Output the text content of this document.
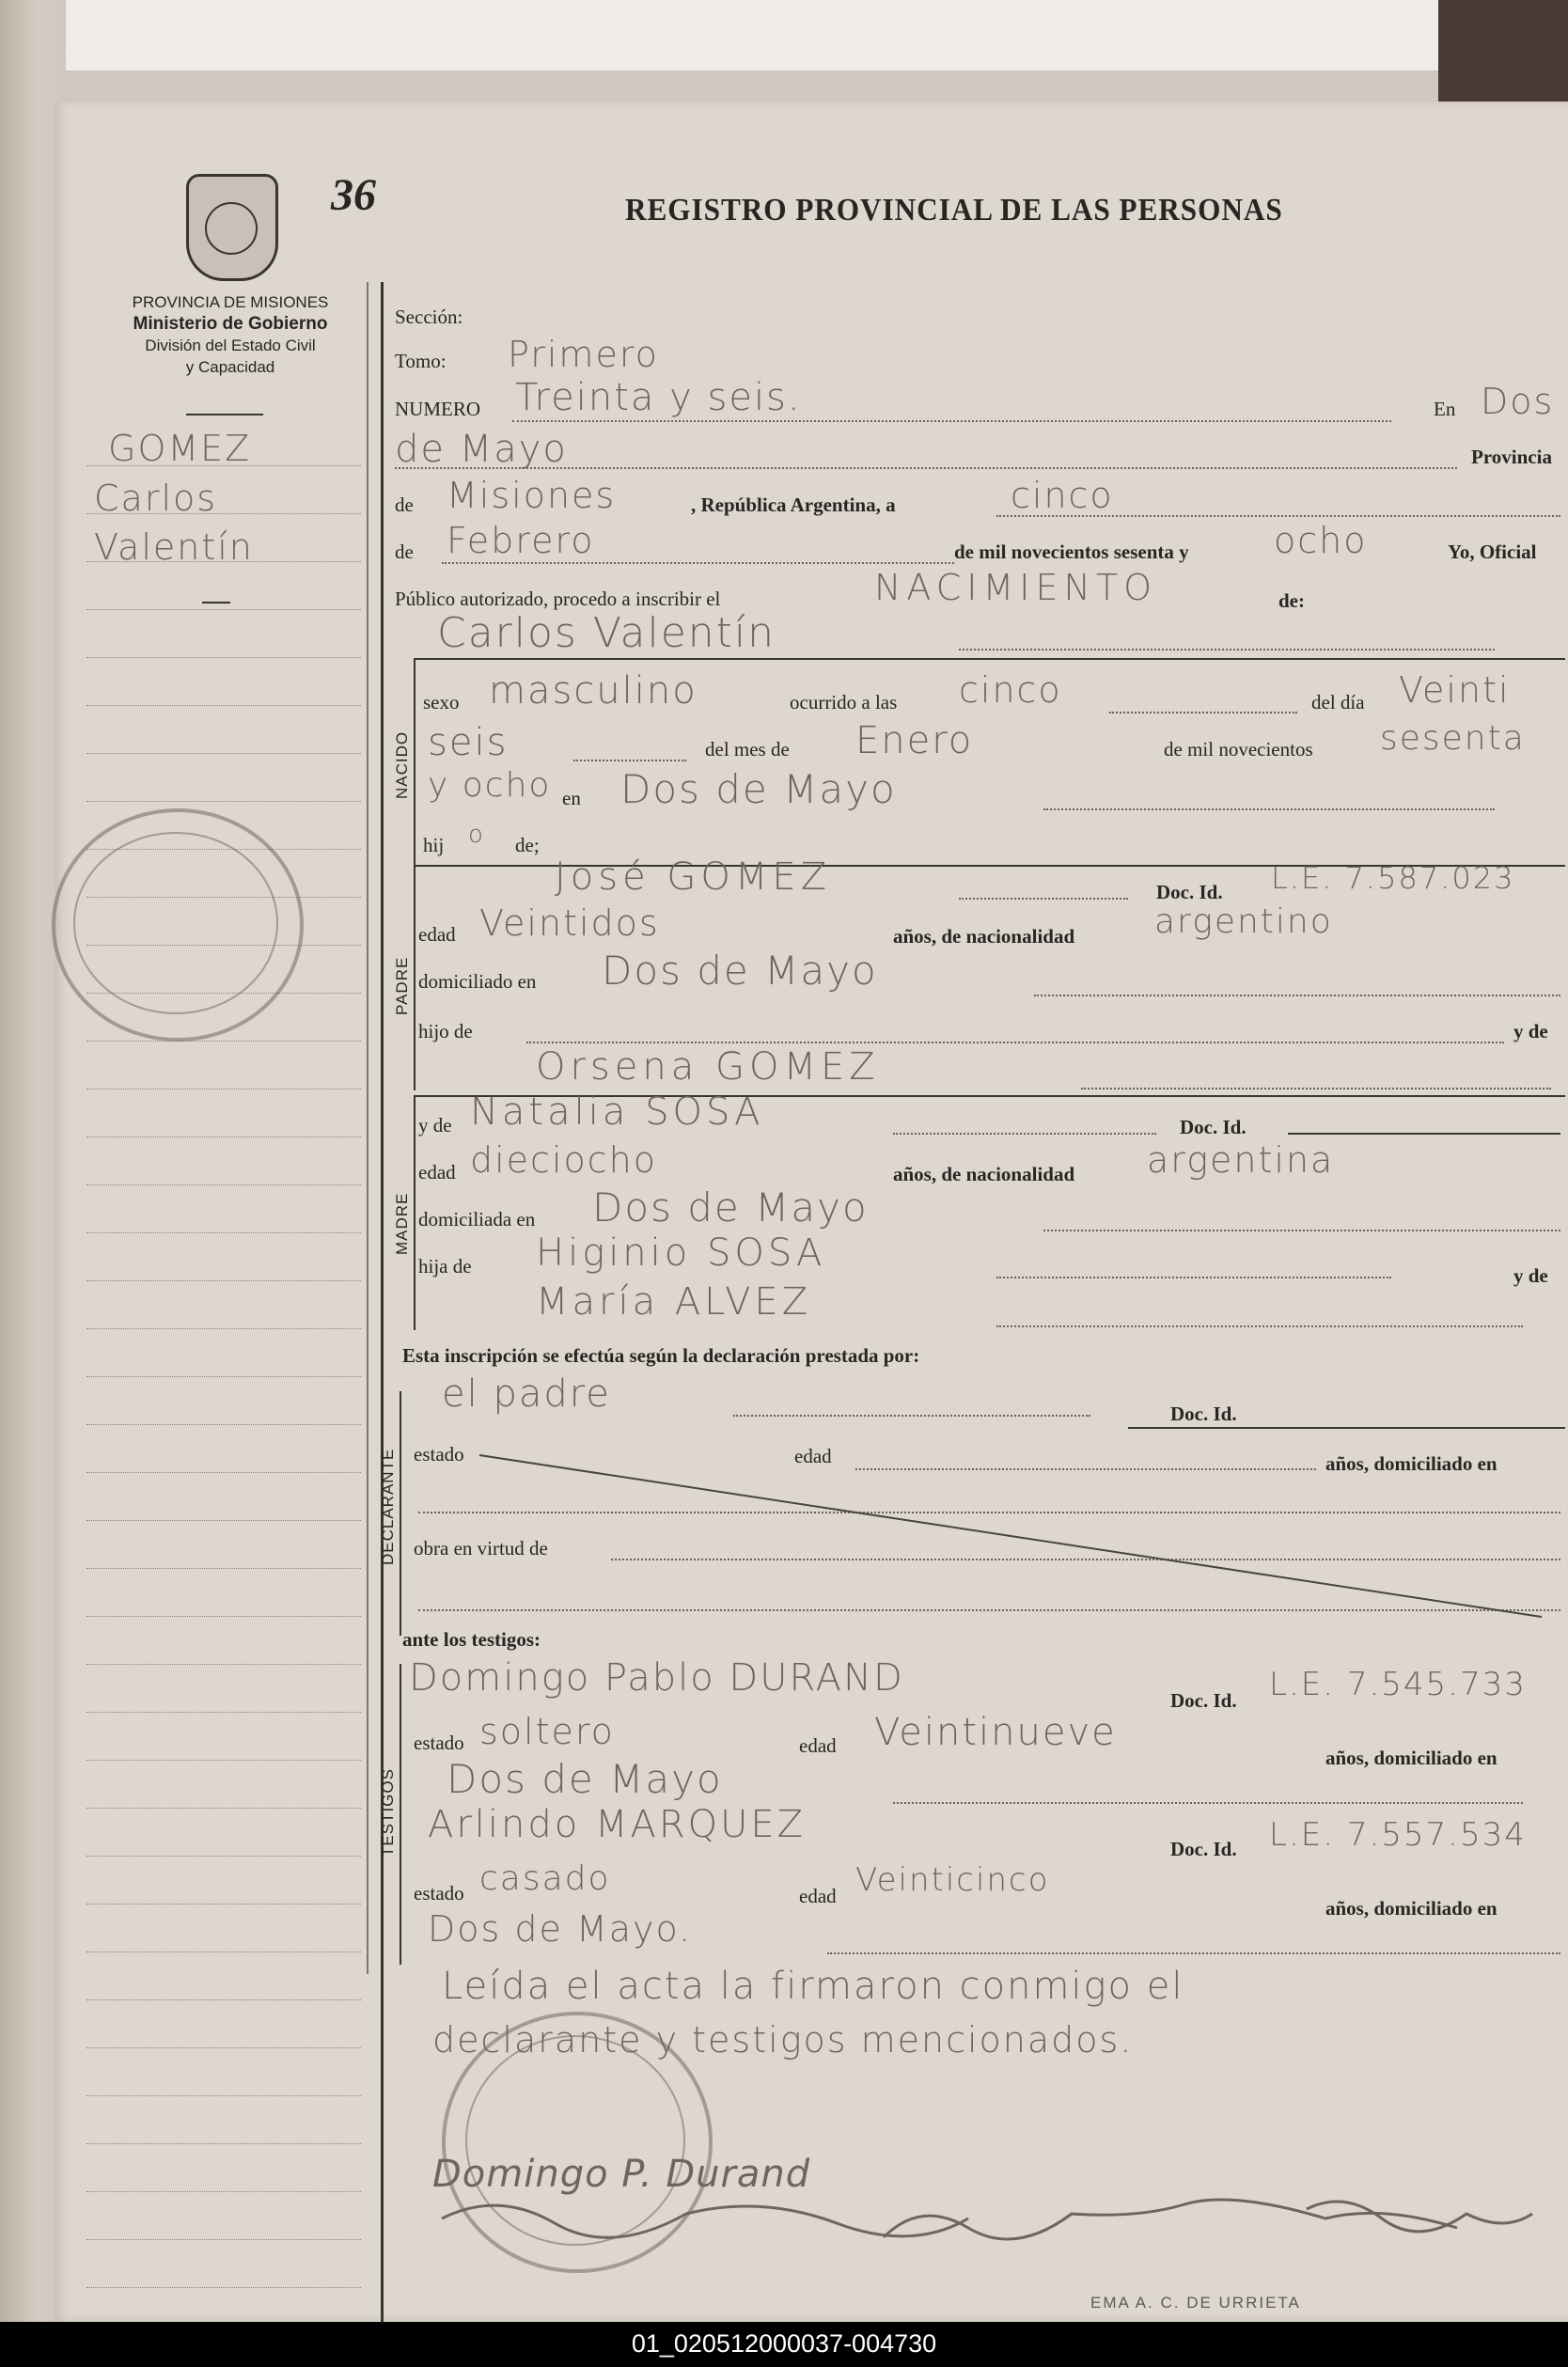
36	REGISTRO PROVINCIAL DE LAS PERSONAS
PROVINCIA DE MISIONES
Ministerio de Gobierno
División del Estado Civil
y Capacidad
GOMEZ
Carlos
Valentín
Sección:
Tomo: Primero
NUMERO Treinta y seis.	En Dos
de Mayo	Provincia
de Misiones	, República Argentina, a	cinco
de Febrero	de mil novecientos sesenta y ocho	Yo, Oficial
Público autorizado, procedo a inscribir el	NACIMIENTO	de:
Carlos Valentín
NACIDO
sexo masculino	ocurrido a las cinco	del día Veinti
seis	del mes de Enero	de mil novecientos sesenta
y ocho en Dos de Mayo
hij o de;
PADRE
José GOMEZ	Doc. Id. L.E. 7.587.023
edad Veintidos	años, de nacionalidad argentino
domiciliado en Dos de Mayo
hijo de	y de
Orsena GOMEZ
MADRE
y de Natalia SOSA	Doc. Id.
edad dieciocho	años, de nacionalidad argentina
domiciliada en Dos de Mayo
hija de Higinio SOSA
y de
María ALVEZ
Esta inscripción se efectúa según la declaración prestada por:
DECLARANTE
el padre	Doc. Id.
estado	edad	años, domiciliado en
obra en virtud de
ante los testigos:
TESTIGOS
Domingo Pablo DURAND
Doc. Id. L.E. 7.545.733
estado soltero	edad Veintinueve
años, domiciliado en
Dos de Mayo
Arlindo MARQUEZ
Doc. Id. L.E. 7.557.534
estado casado	edad Veinticinco
años, domiciliado en
Dos de Mayo.
Leída el acta la firmaron conmigo el
declarante y testigos mencionados.
Domingo P. Durand
EMA A. C. DE URRIETA
01_020512000037-004730
